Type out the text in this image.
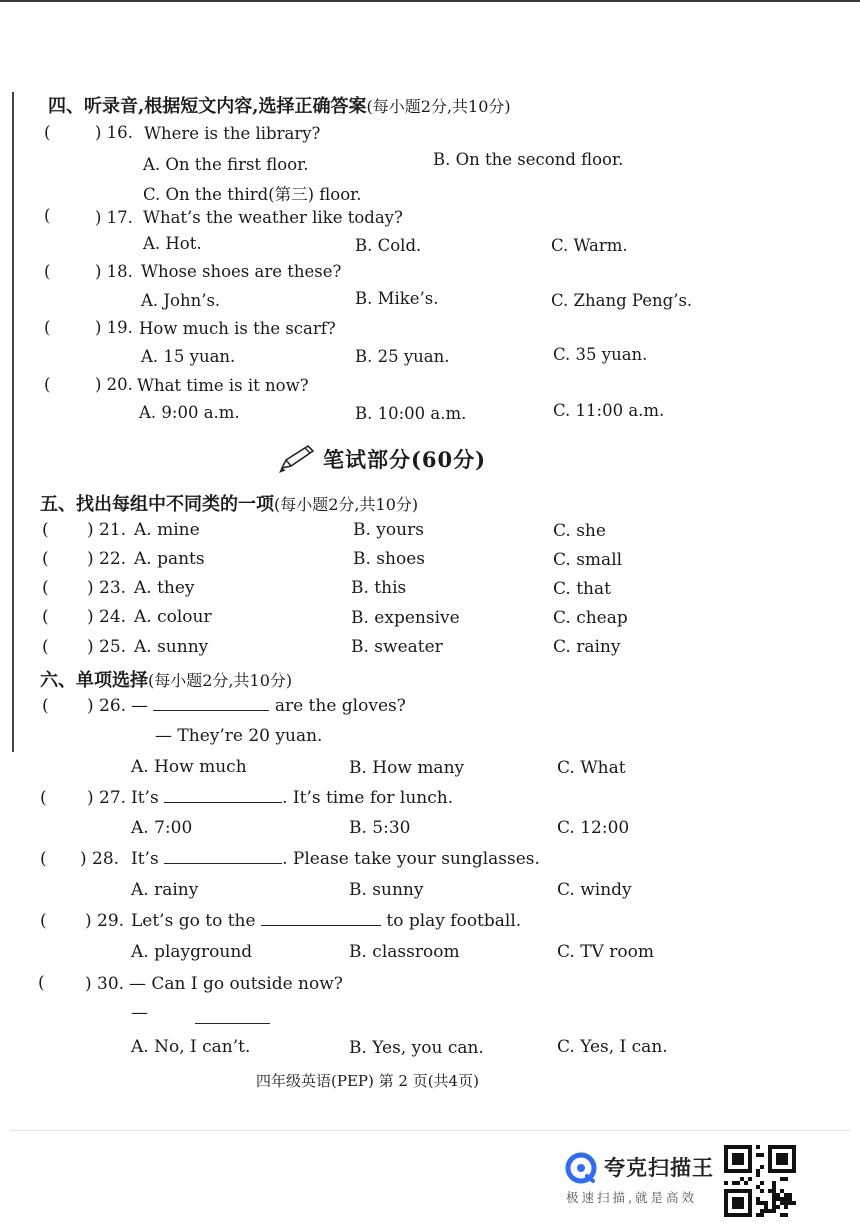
四、听录音,根据短文内容,选择正确答案(每小题2分,共10分)
(	) 16. Where is the library?
A. On the first floor.	B. On the second floor.
C. On the third(第三) floor.
(	) 17. What’s the weather like today?
A. Hot.	B. Cold.	C. Warm.
(	) 18. Whose shoes are these?
A. John’s.	B. Mike’s.	C. Zhang Peng’s.
(	) 19. How much is the scarf?
A. 15 yuan.	B. 25 yuan.	C. 35 yuan.
(	) 20. What time is it now?
A. 9:00 a.m.	B. 10:00 a.m.	C. 11:00 a.m.
笔试部分(60分)
五、找出每组中不同类的一项(每小题2分,共10分)
( ) 21. A. mine	B. yours	C. she
( ) 22. A. pants	B. shoes	C. small
( ) 23. A. they	B. this	C. that
( ) 24. A. colour	B. expensive	C. cheap
( ) 25. A. sunny	B. sweater	C. rainy
六、单项选择(每小题2分,共10分)
( ) 26. —	are the gloves?
— They’re 20 yuan.
A. How much	B. How many	C. What
( ) 27. It’s	. It’s time for lunch.
A. 7:00	B. 5:30	C. 12:00
( ) 28. It’s	. Please take your sunglasses.
A. rainy	B. sunny	C. windy
( ) 29. Let’s go to the	to play football.
A. playground	B. classroom	C. TV room
( ) 30. — Can I go outside now?
—
A. No, I can’t.	B. Yes, you can.	C. Yes, I can.
四年级英语(PEP) 第 2 页(共4页)
夸克扫描王
极速扫描,就是高效
